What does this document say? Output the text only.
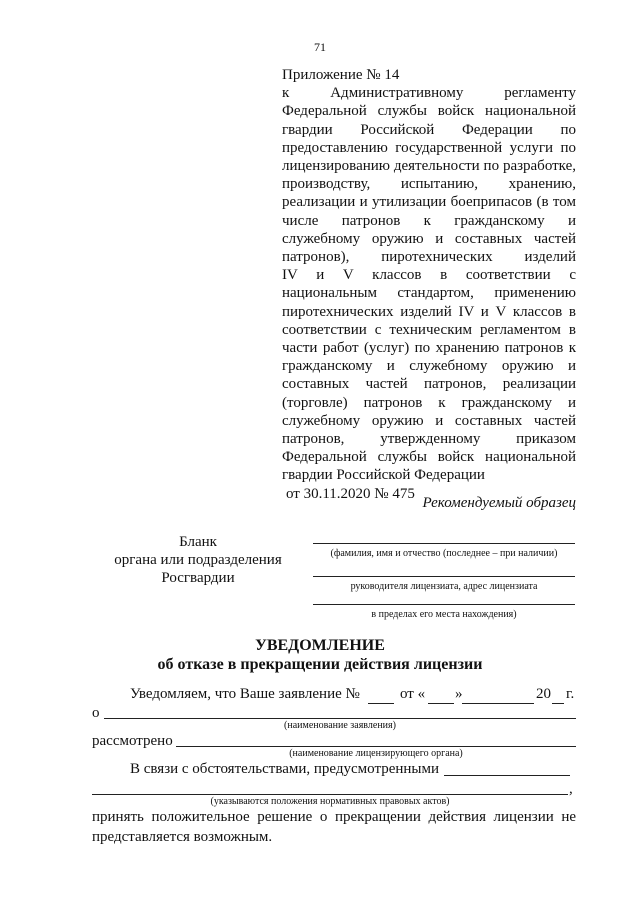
71
Приложение № 14
к Административному регламенту
Федеральной службы войск национальной
гвардии Российской Федерации по
предоставлению государственной услуги по
лицензированию деятельности по разработке,
производству, испытанию, хранению,
реализации и утилизации боеприпасов (в том
числе патронов к гражданскому и
служебному оружию и составных частей
патронов), пиротехнических изделий
IV и V классов в соответствии с
национальным стандартом, применению
пиротехнических изделий IV и V классов в
соответствии с техническим регламентом в
части работ (услуг) по хранению патронов к
гражданскому и служебному оружию и
составных частей патронов, реализации
(торговле) патронов к гражданскому и
служебному оружию и составных частей
патронов, утвержденному приказом
Федеральной службы войск национальной
гвардии Российской Федерации
от 30.11.2020 № 475
Рекомендуемый образец
Бланк
органа или подразделения
Росгвардии
(фамилия, имя и отчество (последнее – при наличии)
руководителя лицензиата, адрес лицензиата
в пределах его места нахождения)
УВЕДОМЛЕНИЕ
об отказе в прекращении действия лицензии
Уведомляем, что Ваше заявление №	от « »	20 г.
о
(наименование заявления)
рассмотрено
(наименование лицензирующего органа)
В связи с обстоятельствами, предусмотренными
,
(указываются положения нормативных правовых актов)
принять положительное решение о прекращении действия лицензии не представляется возможным.
